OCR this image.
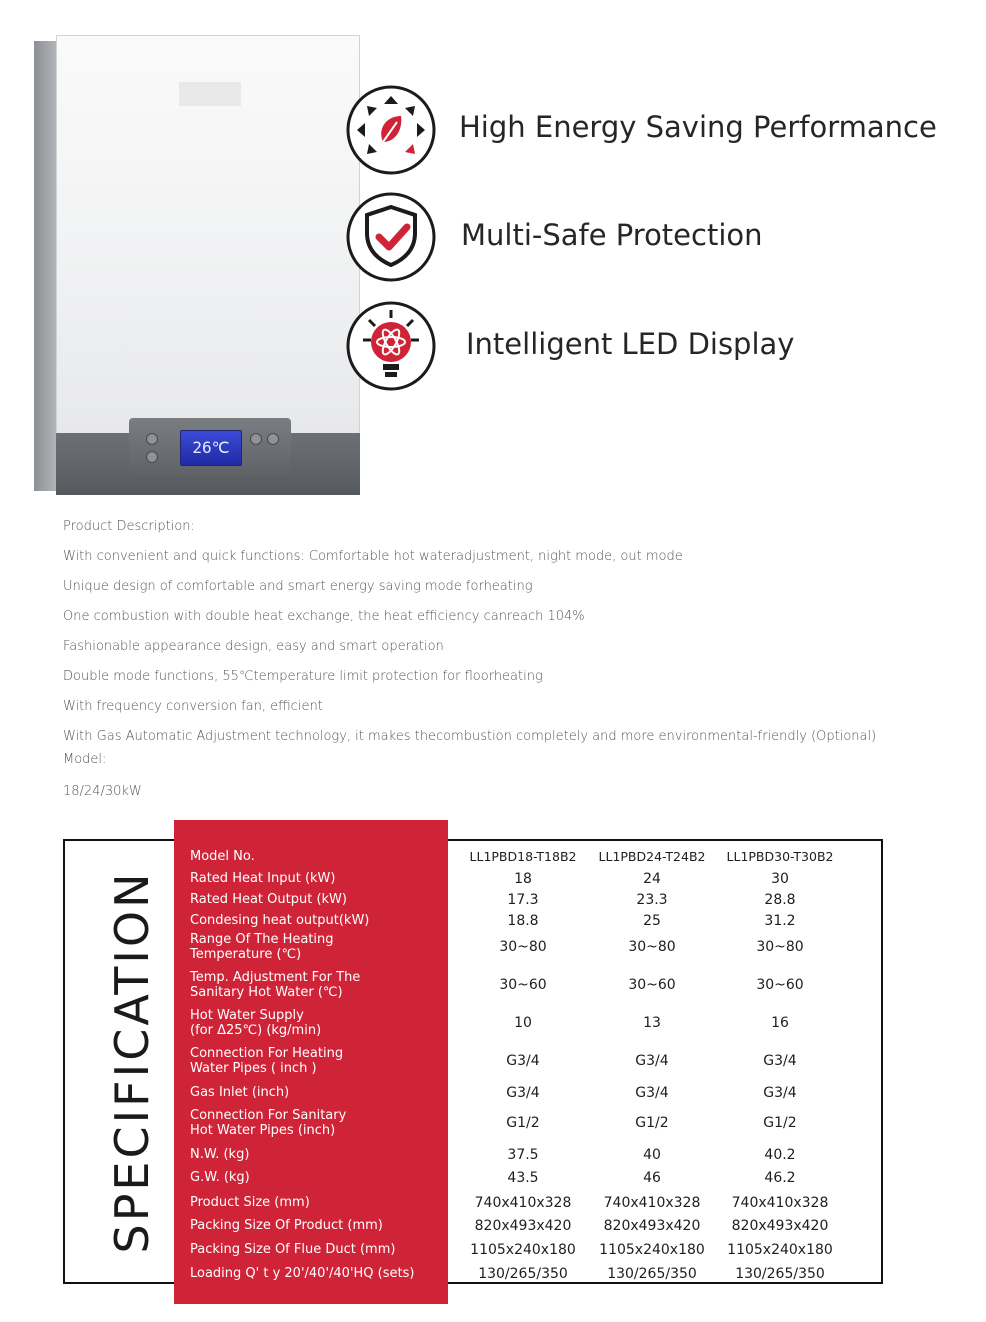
26℃
High Energy Saving Performance
Multi-Safe Protection
Intelligent LED Display
Product Description:
With convenient and quick functions: Comfortable hot wateradjustment, night mode, out mode
Unique design of comfortable and smart energy saving mode forheating
One combustion with double heat exchange, the heat efficiency canreach 104%
Fashionable appearance design, easy and smart operation
Double mode functions, 55℃temperature limit protection for floorheating
With frequency conversion fan, efficient
With Gas Automatic Adjustment technology, it makes thecombustion completely and more environmental-friendly (Optional)
Model:
18/24/30kW
SPECIFICATION
Model No.	LL1PBD18-T18B2	LL1PBD24-T24B2	LL1PBD30-T30B2
Rated Heat Input (kW)	18	24	30
Rated Heat Output (kW)	17.3	23.3	28.8
Condesing heat output(kW)	18.8	25	31.2
Range Of The Heating
Temperature (℃)	30~80	30~80	30~80
Temp. Adjustment For The
Sanitary Hot Water (℃)	30~60	30~60	30~60
Hot Water Supply
(for Δ25℃) (kg/min)	10	13	16
Connection For Heating
Water Pipes ( inch )	G3/4	G3/4	G3/4
Gas Inlet (inch)	G3/4	G3/4	G3/4
Connection For Sanitary
Hot Water Pipes (inch)	G1/2	G1/2	G1/2
N.W. (kg)	37.5	40	40.2
G.W. (kg)	43.5	46	46.2
Product Size (mm)	740x410x328	740x410x328	740x410x328
Packing Size Of Product (mm)	820x493x420	820x493x420	820x493x420
Packing Size Of Flue Duct (mm)	1105x240x180	1105x240x180	1105x240x180
Loading Q' t y 20'/40'/40'HQ (sets)	130/265/350	130/265/350	130/265/350
